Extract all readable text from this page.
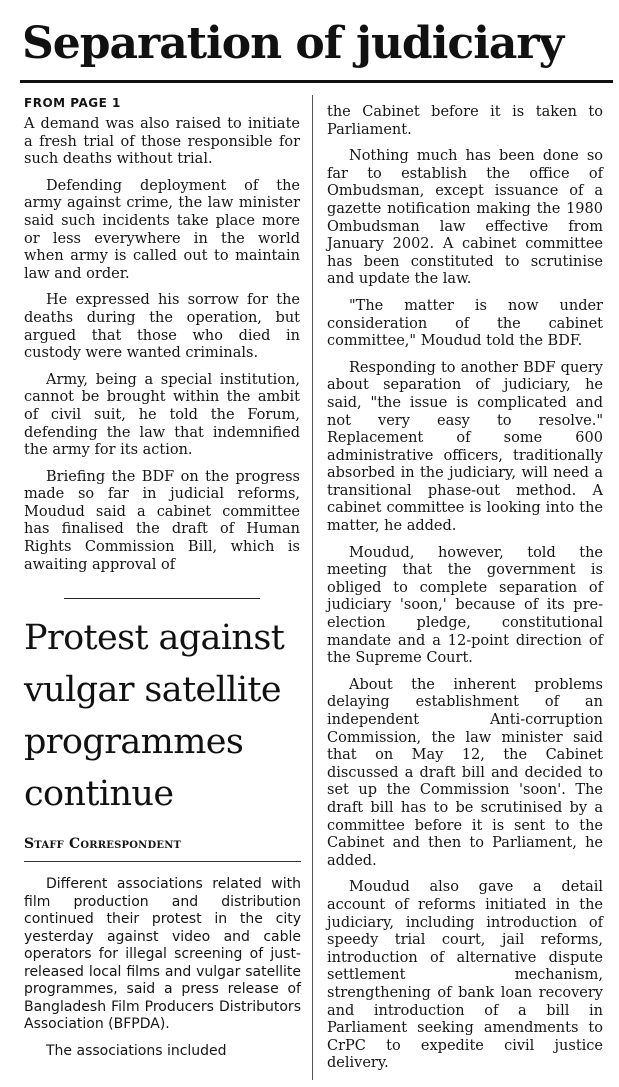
Separation of judiciary
FROM PAGE 1

A demand was also raised to initiate a fresh trial of those responsible for such deaths without trial.

Defending deployment of the army against crime, the law minister said such incidents take place more or less everywhere in the world when army is called out to maintain law and order.

He expressed his sorrow for the deaths during the operation, but argued that those who died in custody were wanted criminals.

Army, being a special institution, cannot be brought within the ambit of civil suit, he told the Forum, defending the law that indemnified the army for its action.

Briefing the BDF on the progress made so far in judicial reforms, Moudud said a cabinet committee has finalised the draft of Human Rights Commission Bill, which is awaiting approval of

the Cabinet before it is taken to Parliament.

Nothing much has been done so far to establish the office of Ombudsman, except issuance of a gazette notification making the 1980 Ombudsman law effective from January 2002. A cabinet committee has been constituted to scrutinise and update the law.

"The matter is now under consideration of the cabinet committee," Moudud told the BDF.

Responding to another BDF query about separation of judiciary, he said, "the issue is complicated and not very easy to resolve." Replacement of some 600 administrative officers, traditionally absorbed in the judiciary, will need a transitional phase-out method. A cabinet committee is looking into the matter, he added.

Moudud, however, told the meeting that the government is obliged to complete separation of judiciary 'soon,' because of its pre-election pledge, constitutional mandate and a 12-point direction of the Supreme Court.

About the inherent problems delaying establishment of an independent Anti-corruption Commission, the law minister said that on May 12, the Cabinet discussed a draft bill and decided to set up the Commission 'soon'. The draft bill has to be scrutinised by a committee before it is sent to the Cabinet and then to Parliament, he added.

Moudud also gave a detail account of reforms initiated in the judiciary, including introduction of speedy trial court, jail reforms, introduction of alternative dispute settlement mechanism, strengthening of bank loan recovery and introduction of a bill in Parliament seeking amendments to CrPC to expedite civil justice delivery.

Protest against vulgar satellite programmes continue
Staff Correspondent

Different associations related with film production and distribution continued their protest in the city yesterday against video and cable operators for illegal screening of just- released local films and vulgar satellite programmes, said a press release of Bangladesh Film Producers Distributors Association (BFPDA).

The associations included
